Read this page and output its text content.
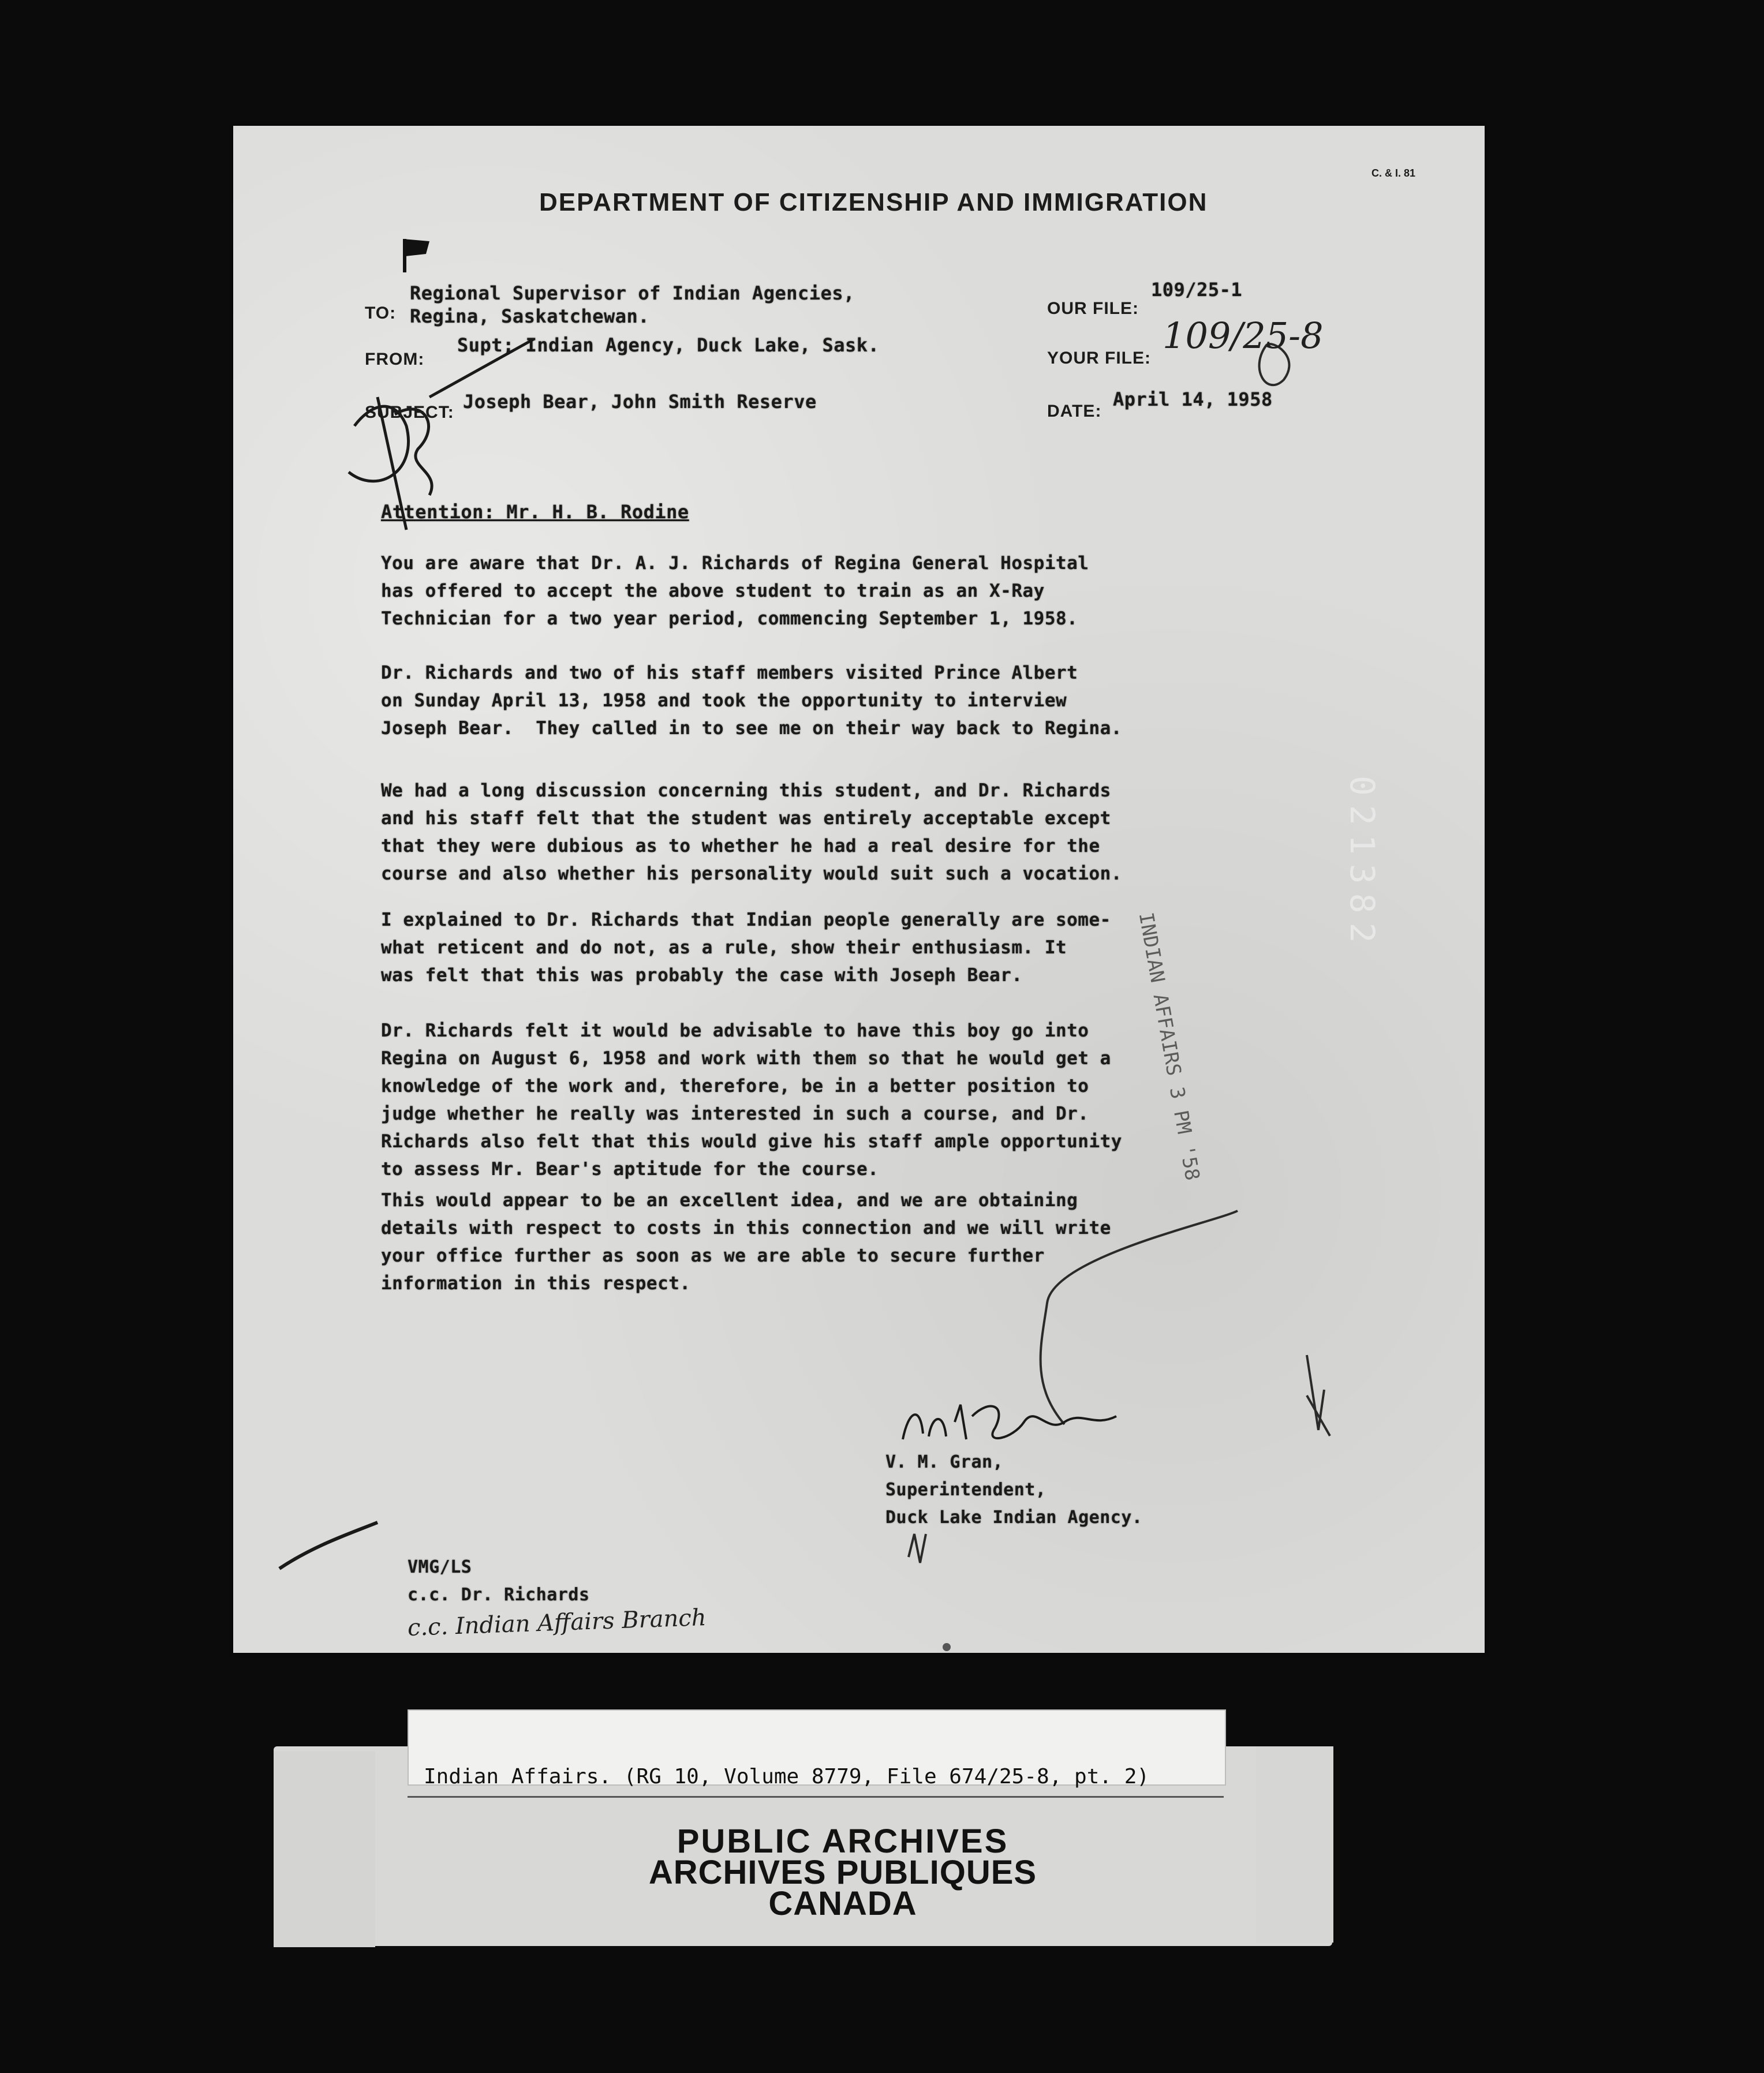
C. & I. 81
DEPARTMENT OF CITIZENSHIP AND IMMIGRATION
TO:
Regional Supervisor of Indian Agencies,
Regina, Saskatchewan.
FROM:
Supt; Indian Agency, Duck Lake, Sask.
SUBJECT: Joseph Bear, John Smith Reserve
OUR FILE:
109/25-1
YOUR FILE:
109/25-8
DATE:
April 14, 1958
Attention: Mr. H. B. Rodine
You are aware that Dr. A. J. Richards of Regina General Hospital
has offered to accept the above student to train as an X-Ray
Technician for a two year period, commencing September 1, 1958.
Dr. Richards and two of his staff members visited Prince Albert
on Sunday April 13, 1958 and took the opportunity to interview
Joseph Bear.  They called in to see me on their way back to Regina.
We had a long discussion concerning this student, and Dr. Richards
and his staff felt that the student was entirely acceptable except
that they were dubious as to whether he had a real desire for the
course and also whether his personality would suit such a vocation.
I explained to Dr. Richards that Indian people generally are some-
what reticent and do not, as a rule, show their enthusiasm. It
was felt that this was probably the case with Joseph Bear.
Dr. Richards felt it would be advisable to have this boy go into
Regina on August 6, 1958 and work with them so that he would get a
knowledge of the work and, therefore, be in a better position to
judge whether he really was interested in such a course, and Dr.
Richards also felt that this would give his staff ample opportunity
to assess Mr. Bear's aptitude for the course.
This would appear to be an excellent idea, and we are obtaining
details with respect to costs in this connection and we will write
your office further as soon as we are able to secure further
information in this respect.
INDIAN AFFAIRS 3 PM '58
V.M. Gran
V. M. Gran,
Superintendent,
Duck Lake Indian Agency.
VMG/LS
c.c. Dr. Richards
c.c. Indian Affairs Branch
021382
Indian Affairs. (RG 10, Volume 8779, File 674/25-8, pt. 2)
PUBLIC ARCHIVES
ARCHIVES PUBLIQUES
CANADA
